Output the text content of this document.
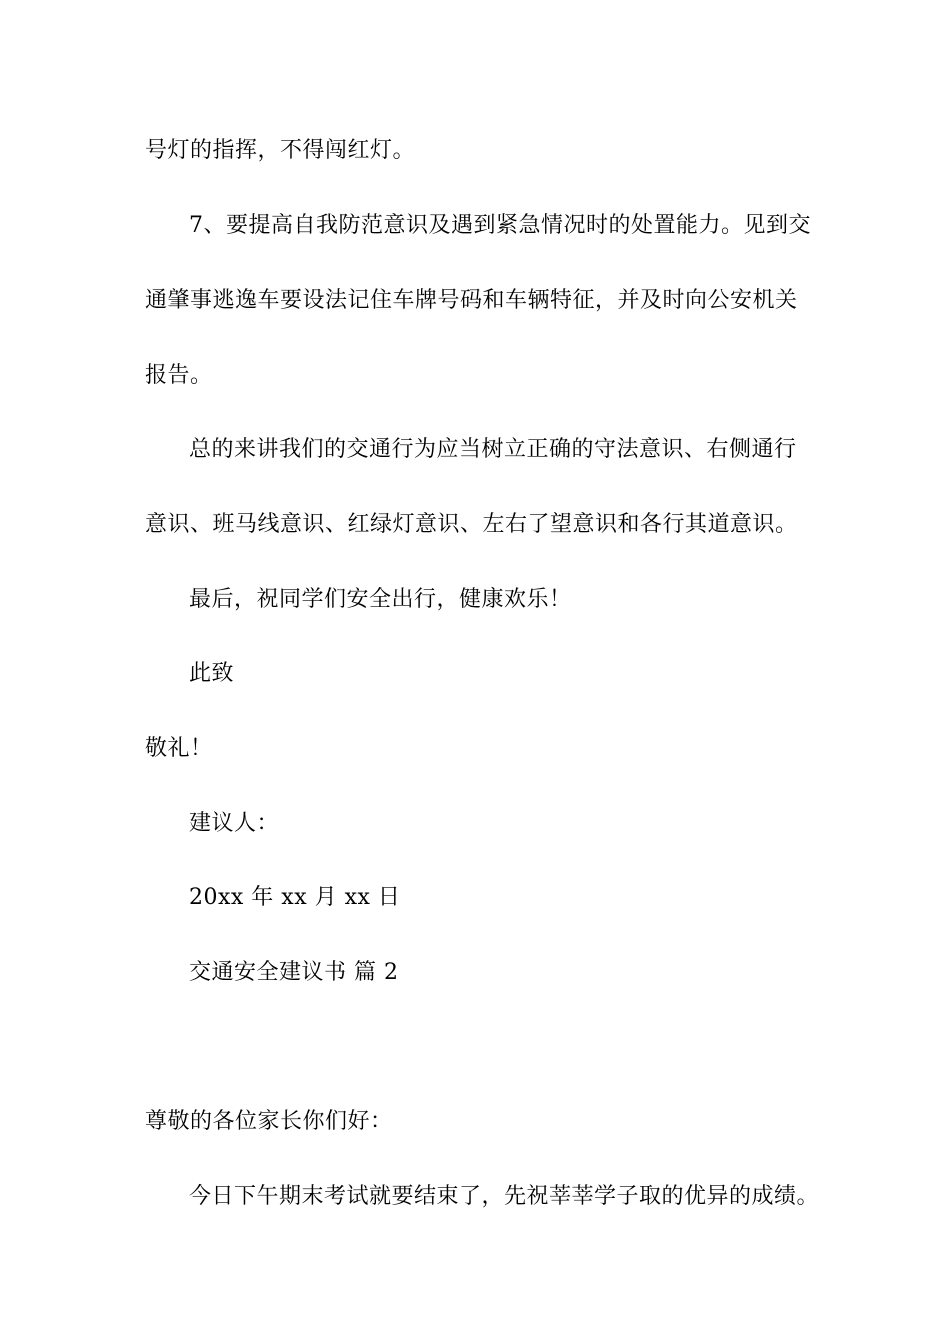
号灯的指挥，不得闯红灯。
7、要提高自我防范意识及遇到紧急情况时的处置能力。见到交
通肇事逃逸车要设法记住车牌号码和车辆特征，并及时向公安机关
报告。
总的来讲我们的交通行为应当树立正确的守法意识、右侧通行
意识、班马线意识、红绿灯意识、左右了望意识和各行其道意识。
最后，祝同学们安全出行，健康欢乐！
此致
敬礼！
建议人：
20xx 年 xx 月 xx 日
交通安全建议书 篇 2
尊敬的各位家长你们好：
今日下午期末考试就要结束了，先祝莘莘学子取的优异的成绩。
